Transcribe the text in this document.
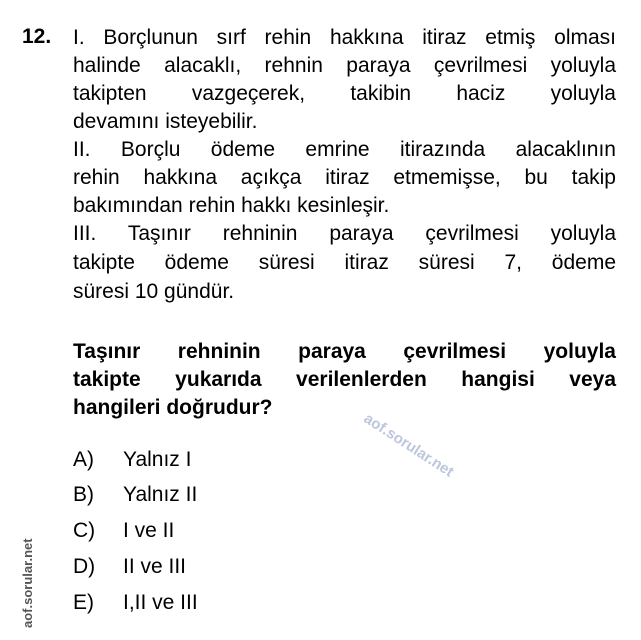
12. I. Borçlunun sırf rehin hakkına itiraz etmiş olması
halinde alacaklı, rehnin paraya çevrilmesi yoluyla
takipten vazgeçerek, takibin haciz yoluyla
devamını isteyebilir.
II. Borçlu ödeme emrine itirazında alacaklının
rehin hakkına açıkça itiraz etmemişse, bu takip
bakımından rehin hakkı kesinleşir.
III. Taşınır rehninin paraya çevrilmesi yoluyla
takipte ödeme süresi itiraz süresi 7, ödeme
süresi 10 gündür.
Taşınır rehninin paraya çevrilmesi yoluyla
takipte yukarıda verilenlerden hangisi veya
hangileri doğrudur?
A) Yalnız I
B) Yalnız II
C) I ve II
D) II ve III
E) I,II ve III
aof.sorular.net
aof.sorular.net
